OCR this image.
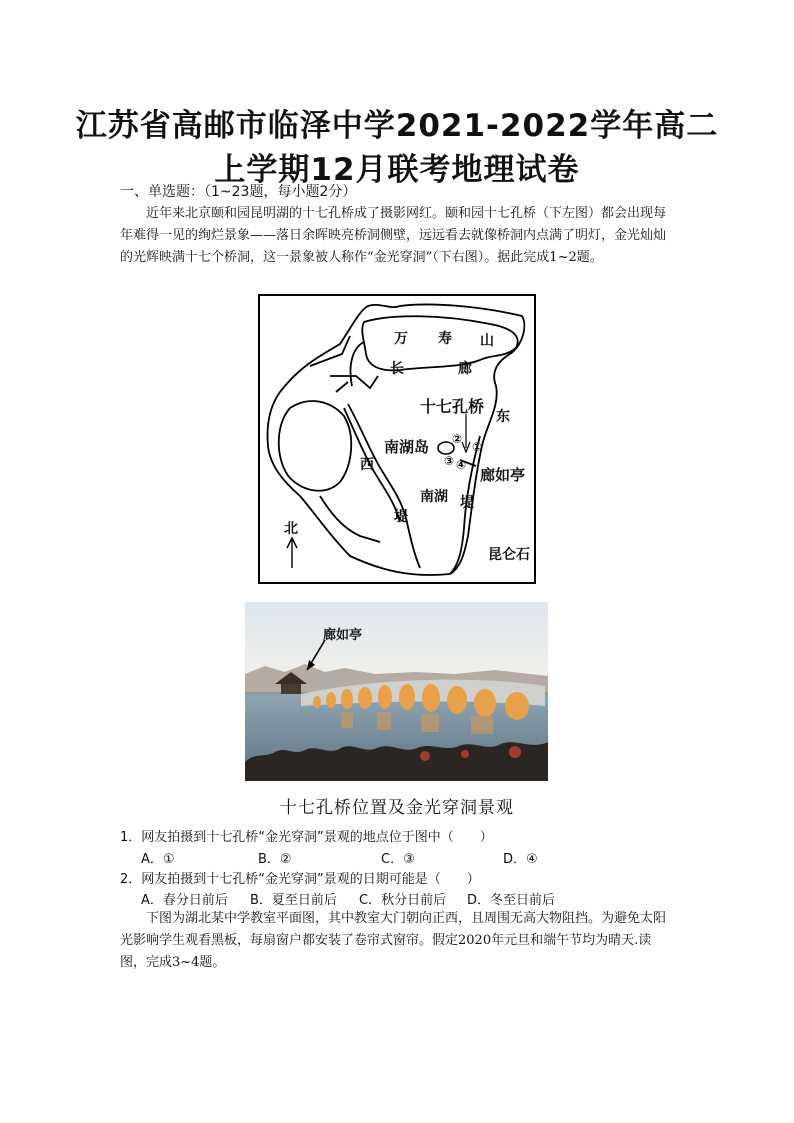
江苏省高邮市临泽中学2021-2022学年高二
上学期12月联考地理试卷
一、单选题：（1~23题，每小题2分）
近年来北京颐和园昆明湖的十七孔桥成了摄影网红。颐和园十七孔桥（下左图）都会出现每年难得一见的绚烂景象——落日余晖映亮桥洞侧壁，远远看去就像桥洞内点满了明灯，金光灿灿的光辉映满十七个桥洞，这一景象被人称作“金光穿洞”（下右图）。据此完成1~2题。
万 寿 山
长	廊
十七孔桥
东
南湖岛
西
廊如亭
南湖 堤
堤
北
昆仑石
②
①
③ ④
廊如亭
十七孔桥位置及金光穿洞景观
1．网友拍摄到十七孔桥“金光穿洞”景观的地点位于图中（　　）
A．①	B．②	C．③	D．④
2．网友拍摄到十七孔桥“金光穿洞”景观的日期可能是（　　）
A．春分日前后 B．夏至日前后 C．秋分日前后 D．冬至日前后
下图为湖北某中学教室平面图，其中教室大门朝向正西，且周围无高大物阻挡。为避免太阳光影响学生观看黑板，每扇窗户都安装了卷帘式窗帘。假定2020年元旦和端午节均为晴天.读图，完成3~4题。
